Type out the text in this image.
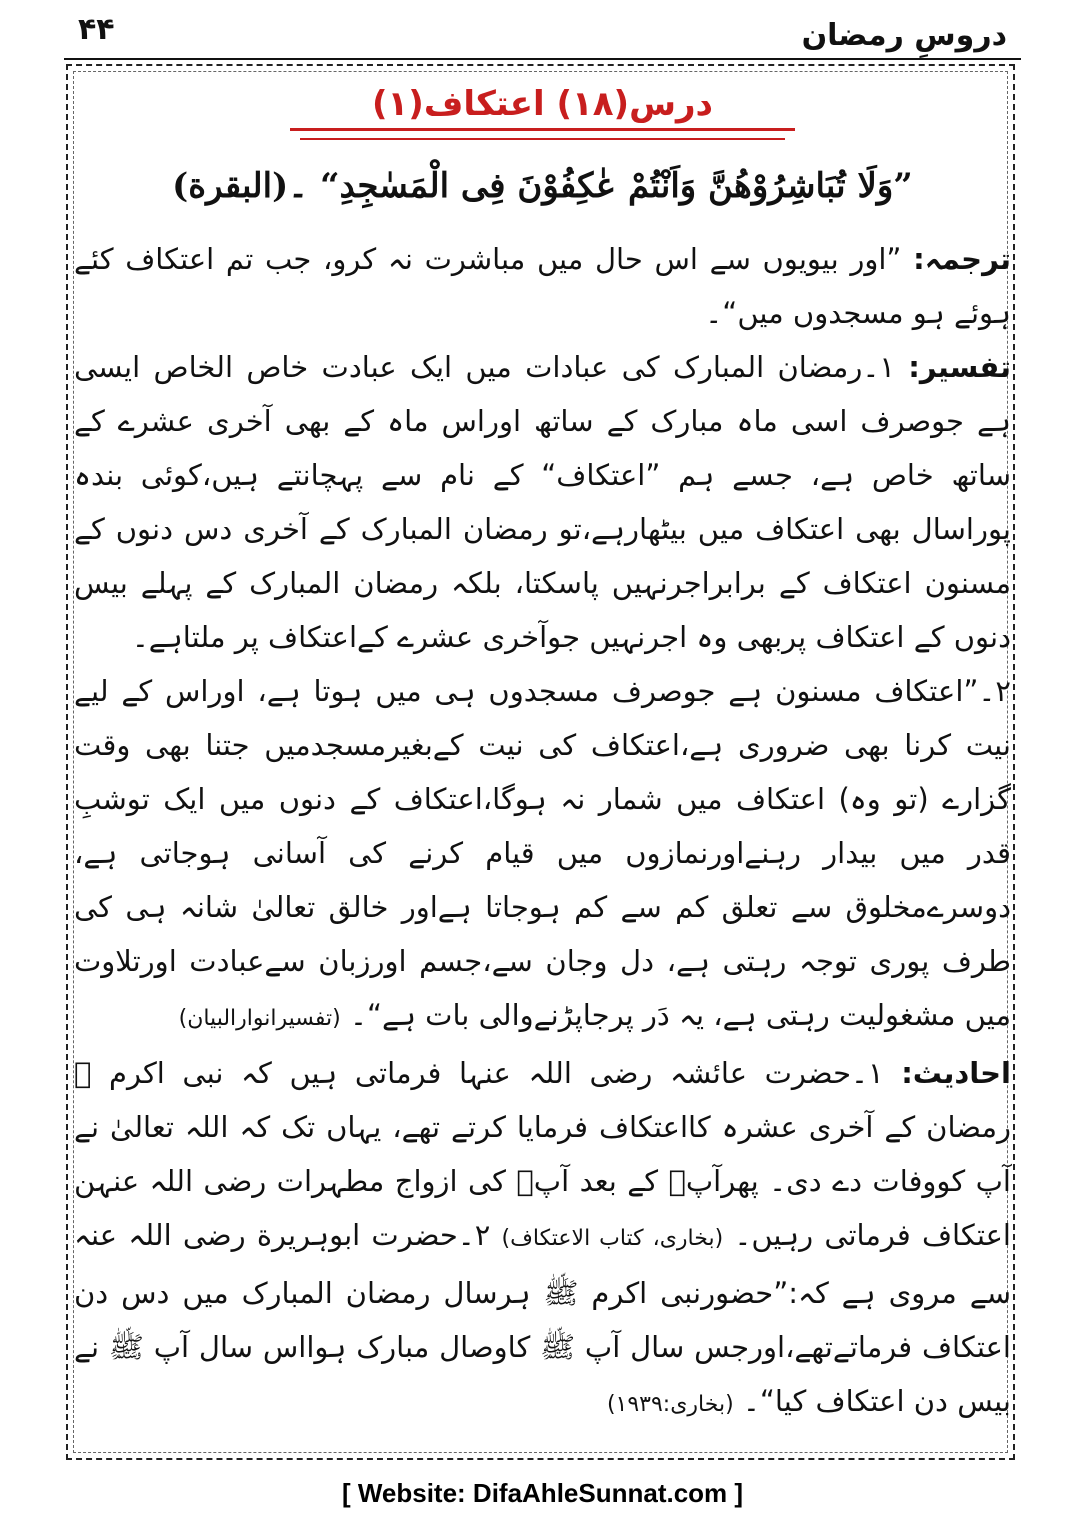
۴۴	دروسِ رمضان
درس(۱۸) اعتکاف(۱)
”وَلَا تُبَاشِرُوْهُنَّ وَاَنْتُمْ عٰکِفُوْنَ فِی الْمَسٰجِدِ“ ۔(البقرة)

ترجمہ: ”اور بیویوں سے اس حال میں مباشرت نہ کرو، جب تم اعتکاف کئے ہوئے ہو مسجدوں میں“۔

تفسیر: ۱۔رمضان المبارک کی عبادات میں ایک عبادت خاص الخاص ایسی ہے جوصرف اسی ماہ مبارک کے ساتھ اوراس ماہ کے بھی آخری عشرے کے ساتھ خاص ہے، جسے ہم ”اعتکاف“ کے نام سے پہچانتے ہیں،کوئی بندہ پوراسال بھی اعتکاف میں بیٹھارہے،تو رمضان المبارک کے آخری دس دنوں کے مسنون اعتکاف کے برابراجرنہیں پاسکتا، بلکہ رمضان المبارک کے پہلے بیس دنوں کے اعتکاف پربھی وہ اجرنہیں جوآخری عشرے کےاعتکاف پر ملتاہے۔

۲۔”اعتکاف مسنون ہے جوصرف مسجدوں ہی میں ہوتا ہے، اوراس کے لیے نیت کرنا بھی ضروری ہے،اعتکاف کی نیت کےبغیرمسجدمیں جتنا بھی وقت گزارے (تو وہ) اعتکاف میں شمار نہ ہوگا،اعتکاف کے دنوں میں ایک توشبِ قدر میں بیدار رہنےاورنمازوں میں قیام کرنے کی آسانی ہوجاتی ہے، دوسرےمخلوق سے تعلق کم سے کم ہوجاتا ہےاور خالق تعالیٰ شانہ ہی کی طرف پوری توجہ رہتی ہے، دل وجان سے،جسم اورزبان سےعبادت اورتلاوت میں مشغولیت رہتی ہے، یہ دَر پرجاپڑنےوالی بات ہے“۔ (تفسیرانوارالبیان)

احادیث: ۱۔حضرت عائشہ رضی اللہ عنہا فرماتی ہیں کہ نبی اکرم ﷺ رمضان کے آخری عشرہ کااعتکاف فرمایا کرتے تھے، یہاں تک کہ اللہ تعالیٰ نے آپ کووفات دے دی۔ پھرآپؐ کے بعد آپؐ کی ازواج مطہرات رضی اللہ عنہن اعتکاف فرماتی رہیں۔ (بخاری، کتاب الاعتکاف) ۲۔حضرت ابوہریرة رضی اللہ عنہ سے مروی ہے کہ:”حضورنبی اکرم ﷺ ہرسال رمضان المبارک میں دس دن اعتکاف فرماتےتھے،اورجس سال آپ ﷺ کاوصال مبارک ہوااس سال آپ ﷺ نے بیس دن اعتکاف کیا“۔ (بخاری:۱۹۳۹)

[ Website: DifaAhleSunnat.com ]
